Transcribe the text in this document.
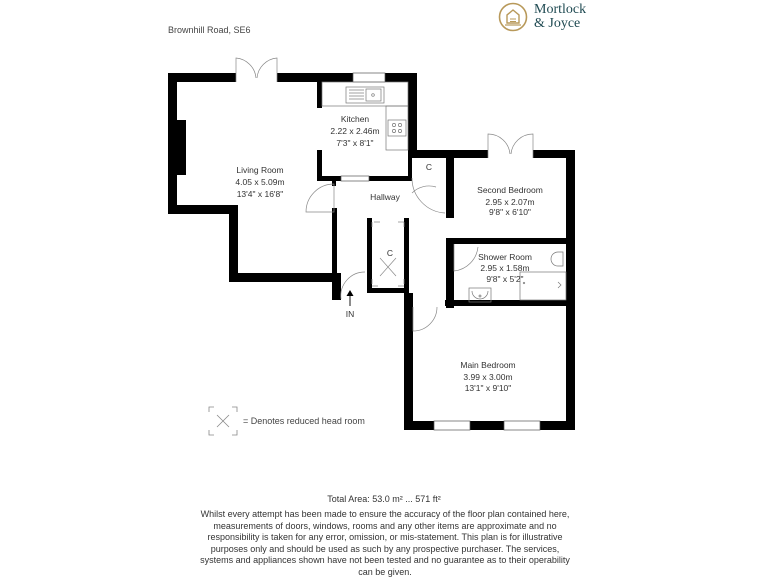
Brownhill Road, SE6
Mortlock
& Joyce
Living Room
4.05 x 5.09m
13'4" x 16'8"
Kitchen
2.22 x 2.46m
7'3" x 8'1"
Hallway
C
C
Second Bedroom
2.95 x 2.07m
9'8" x 6'10"
Shower Room
2.95 x 1.58m
9'8" x 5'2"
Main Bedroom
3.99 x 3.00m
13'1" x 9'10"
IN
= Denotes reduced head room
Total Area: 53.0 m² ... 571 ft²
Whilst every attempt has been made to ensure the accuracy of the floor plan contained here, measurements of doors, windows, rooms and any other items are approximate and no responsibility is taken for any error, omission, or mis-statement. This plan is for illustrative purposes only and should be used as such by any prospective purchaser. The services, systems and appliances shown have not been tested and no guarantee as to their operability can be given.
